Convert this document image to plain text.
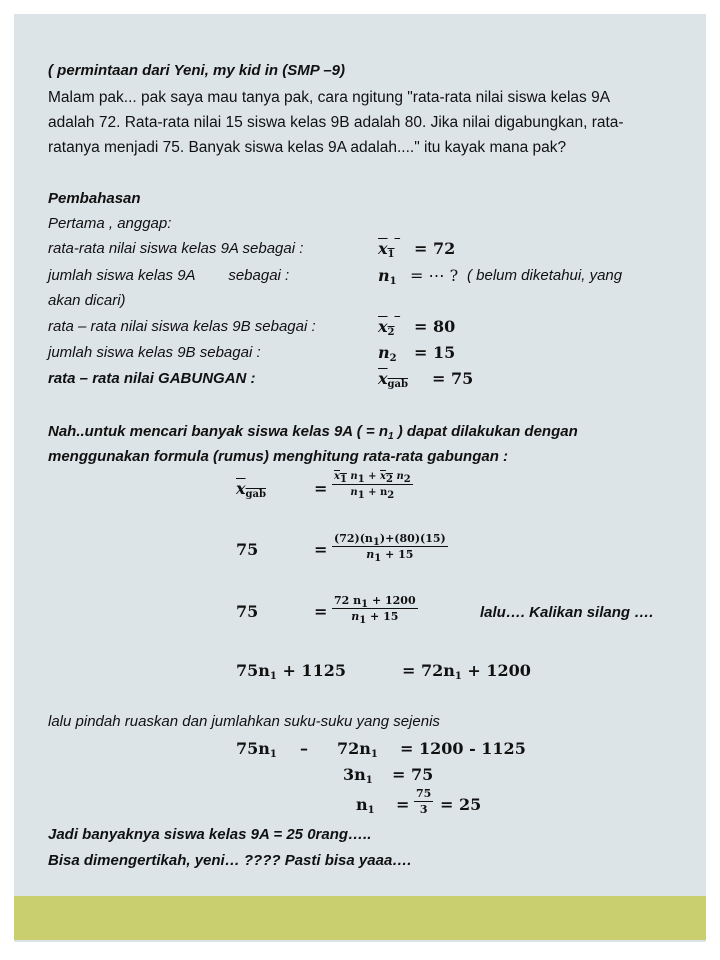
( permintaan dari Yeni, my kid in (SMP –9)
Malam pak... pak saya mau tanya pak, cara ngitung "rata-rata nilai siswa kelas 9A
adalah 72. Rata-rata nilai 15 siswa kelas 9B adalah 80. Jika nilai digabungkan, rata-
ratanya menjadi 75. Banyak siswa kelas 9A adalah...." itu kayak mana pak?
Pembahasan
Pertama , anggap:
rata-rata nilai siswa kelas 9A sebagai :	$x_1$	= 72
jumlah siswa kelas 9A        sebagai :	$n_1$ = ⋯ ? ( belum diketahui, yang
akan dicari)
rata – rata nilai siswa kelas 9B sebagai :	$x_2$	= 80
jumlah siswa kelas 9B sebagai :	$n_2 = 15$
rata – rata nilai GABUNGAN :	$x_{gab} = 75$
Nah..untuk mencari banyak siswa kelas 9A ( = $n_1$ ) dapat dilakukan dengan
menggunakan formula (rumus) menghitung rata-rata gabungan :
$x_{gab}$	= $\frac{x_1 n_1 + x_2 n_2}{n_1 + n_2}$
75	= $\frac{(72)(n_1)+(80)(15)}{n_1 + 15}$
75	= $\frac{72 n_1 + 1200}{n_1 + 15}$	lalu…. Kalikan silang ….
$75n_1 + 1125$	= $72n_1 + 1200$
lalu pindah ruaskan dan jumlahkan suku-suku yang sejenis
$75n_1 - 72n_1 = 1200 - 1125$
$3n_1 = 75$
$n_1 = \frac{75}{3} = 25$
Jadi banyaknya siswa kelas 9A = 25 0rang…..
Bisa dimengertikah, yeni… ???? Pasti bisa yaaa….
